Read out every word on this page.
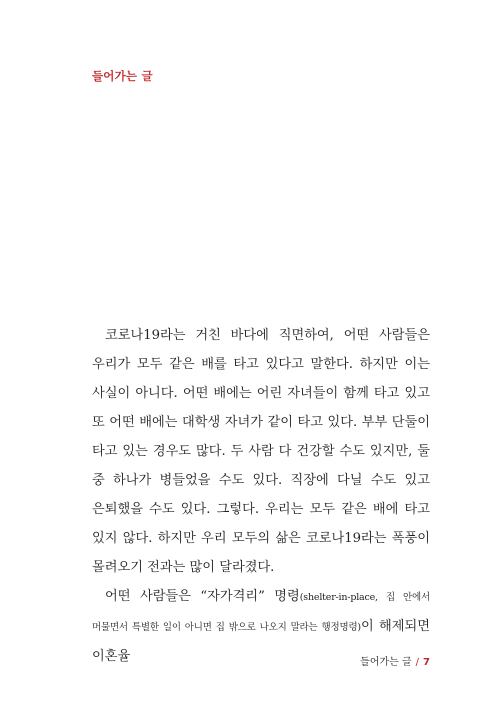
들어가는 글

코로나19라는 거친 바다에 직면하여, 어떤 사람들은 우리가 모두 같은 배를 타고 있다고 말한다. 하지만 이는 사실이 아니다. 어떤 배에는 어린 자녀들이 함께 타고 있고 또 어떤 배에는 대학생 자녀가 같이 타고 있다. 부부 단둘이 타고 있는 경우도 많다. 두 사람 다 건강할 수도 있지만, 둘 중 하나가 병들었을 수도 있다. 직장에 다닐 수도 있고 은퇴했을 수도 있다. 그렇다. 우리는 모두 같은 배에 타고 있지 않다. 하지만 우리 모두의 삶은 코로나19라는 폭풍이 몰려오기 전과는 많이 달라졌다.

어떤 사람들은 “자가격리” 명령(shelter-in-place, 집 안에서 머물면서 특별한 일이 아니면 집 밖으로 나오지 말라는 행정명령)이 해제되면 이혼율	들어가는 글 / 7
